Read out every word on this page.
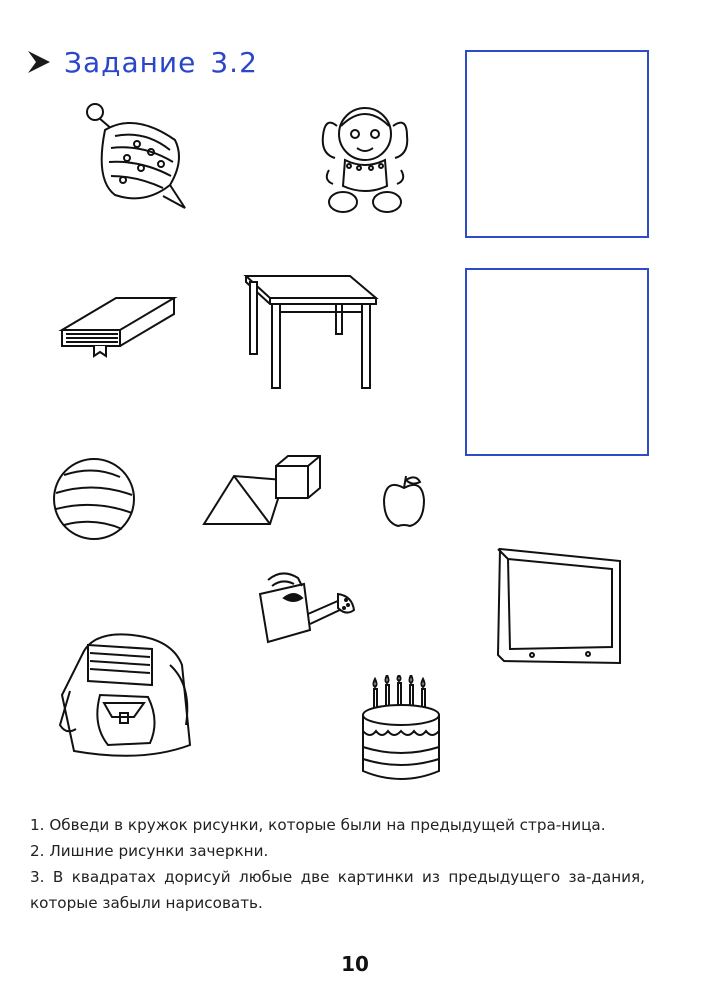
Задание 3.2

1. Обведи в кружок рисунки, которые были на предыдущей стра-ница.

2. Лишние рисунки зачеркни.

3. В квадратах дорисуй любые две картинки из предыдущего за-дания, которые забыли нарисовать.

10
